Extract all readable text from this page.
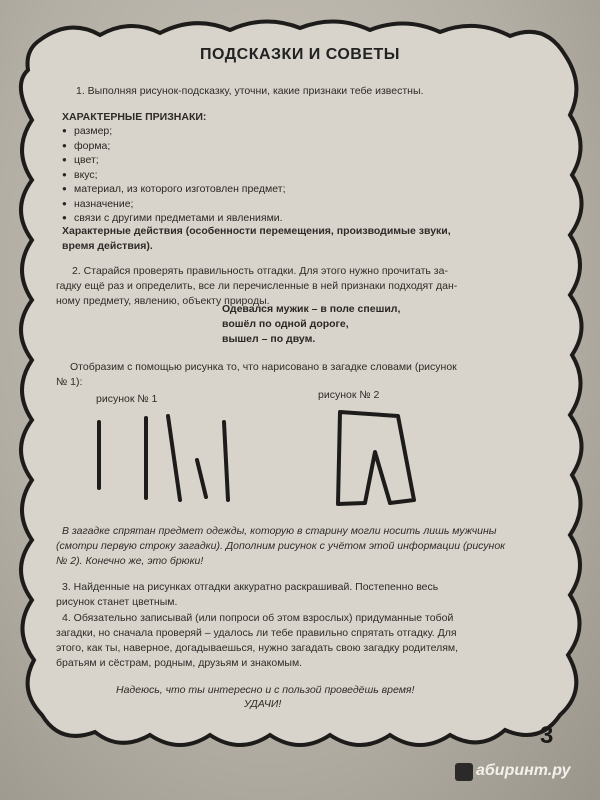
ПОДСКАЗКИ И СОВЕТЫ
1. Выполняя рисунок-подсказку, уточни, какие признаки тебе известны.
ХАРАКТЕРНЫЕ ПРИЗНАКИ:
● размер;
● форма;
● цвет;
● вкус;
● материал, из которого изготовлен предмет;
● назначение;
● связи с другими предметами и явлениями.
Характерные действия (особенности перемещения, производимые звуки,
время действия).
2. Старайся проверять правильность отгадки. Для этого нужно прочитать за-
гадку ещё раз и определить, все ли перечисленные в ней признаки подходят дан-
ному предмету, явлению, объекту природы.
Одевался мужик – в поле спешил,
вошёл по одной дороге,
вышел – по двум.
Отобразим с помощью рисунка то, что нарисовано в загадке словами (рисунок
№ 1):
рисунок № 1	рисунок № 2
В загадке спрятан предмет одежды, которую в старину могли носить лишь мужчины
(смотри первую строку загадки). Дополним рисунок с учётом этой информации (рисунок
№ 2). Конечно же, это брюки!
3. Найденные на рисунках отгадки аккуратно раскрашивай. Постепенно весь
рисунок станет цветным.
4. Обязательно записывай (или попроси об этом взрослых) придуманные тобой
загадки, но сначала проверяй – удалось ли тебе правильно спрятать отгадку. Для
этого, как ты, наверное, догадываешься, нужно загадать свою загадку родителям,
братьям и сёстрам, родным, друзьям и знакомым.
Надеюсь, что ты интересно и с пользой проведёшь время!
УДАЧИ!
3
абиринт.ру
